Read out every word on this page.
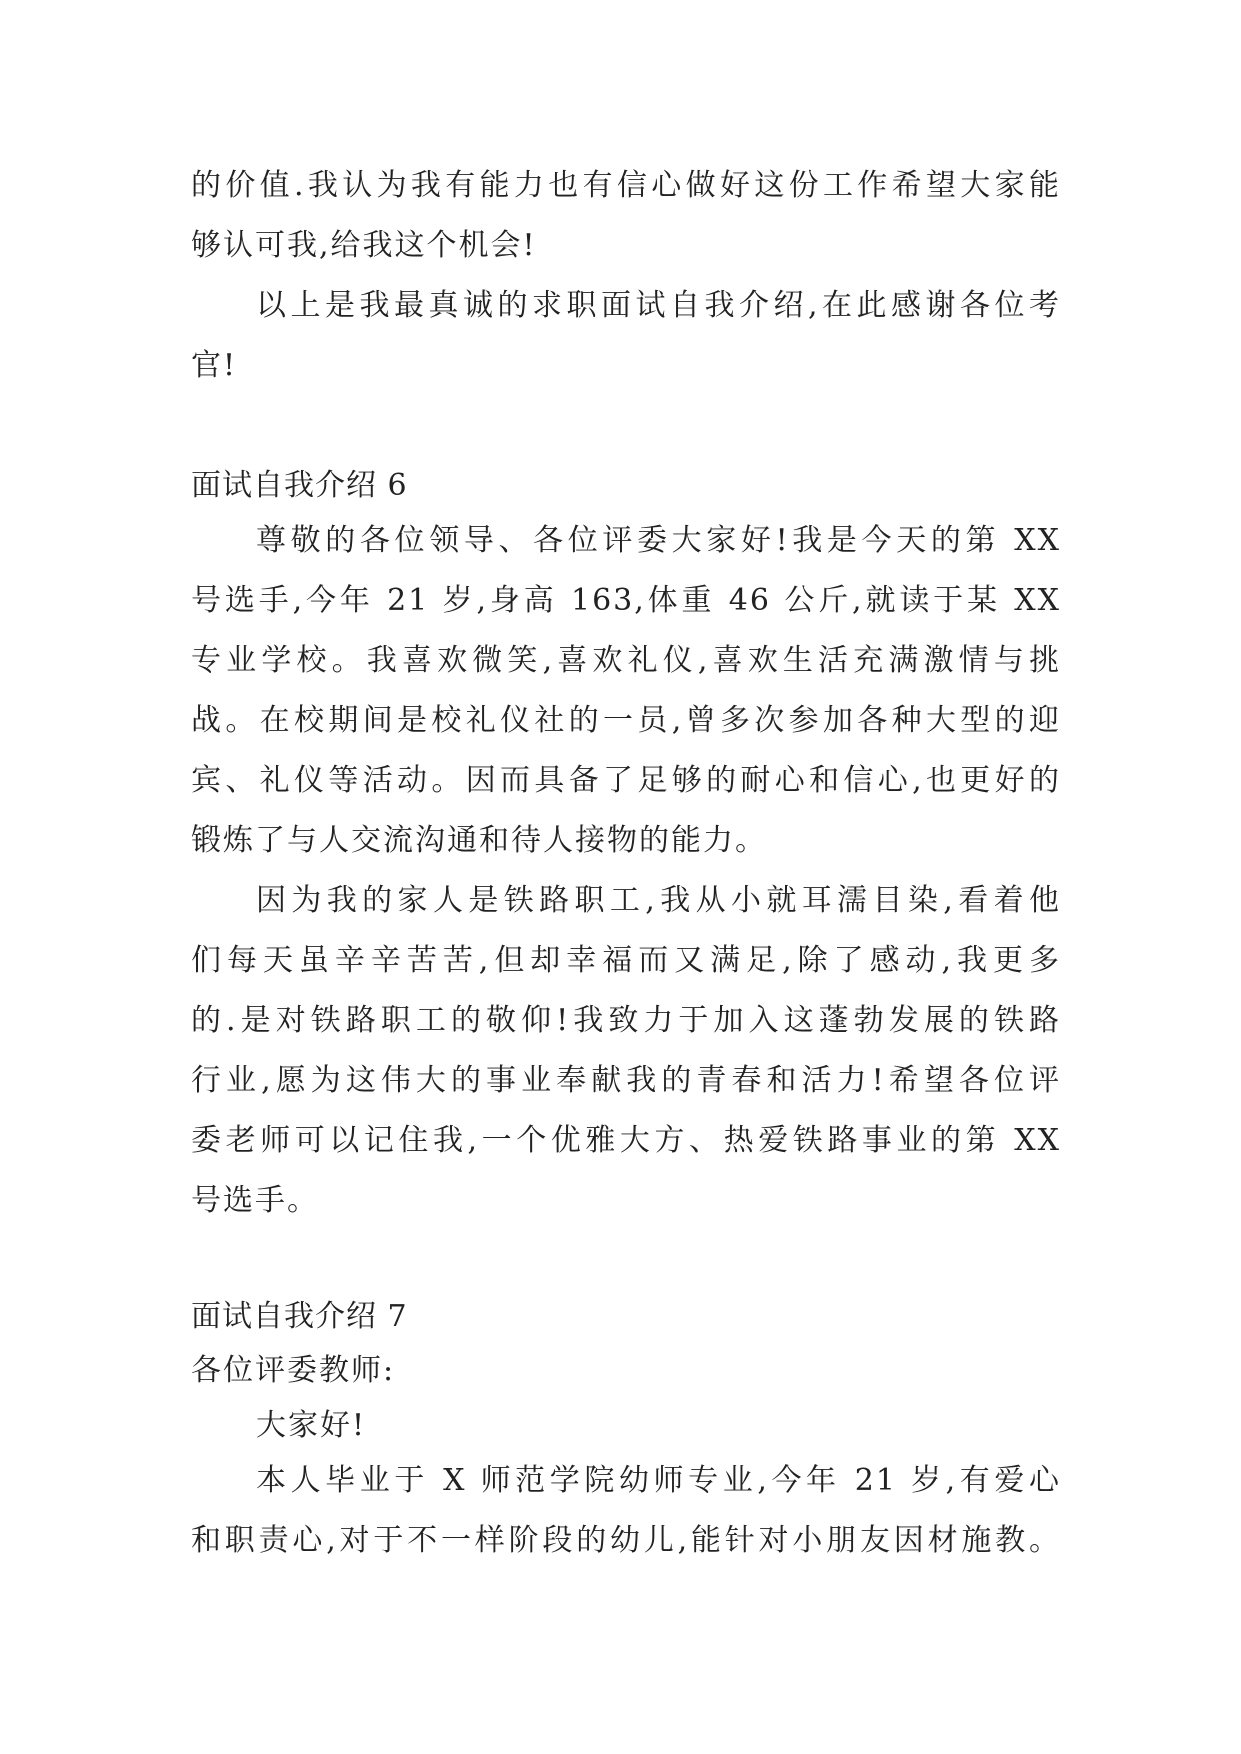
的价值.我认为我有能力也有信心做好这份工作希望大家能
够认可我,给我这个机会!
以上是我最真诚的求职面试自我介绍,在此感谢各位考
官!
面试自我介绍 6
尊敬的各位领导、各位评委大家好!我是今天的第 XX
号选手,今年 21 岁,身高 163,体重 46 公斤,就读于某 XX
专业学校。我喜欢微笑,喜欢礼仪,喜欢生活充满激情与挑
战。在校期间是校礼仪社的一员,曾多次参加各种大型的迎
宾、礼仪等活动。因而具备了足够的耐心和信心,也更好的
锻炼了与人交流沟通和待人接物的能力。
因为我的家人是铁路职工,我从小就耳濡目染,看着他
们每天虽辛辛苦苦,但却幸福而又满足,除了感动,我更多
的.是对铁路职工的敬仰!我致力于加入这蓬勃发展的铁路
行业,愿为这伟大的事业奉献我的青春和活力!希望各位评
委老师可以记住我,一个优雅大方、热爱铁路事业的第 XX
号选手。
面试自我介绍 7
各位评委教师:
大家好!
本人毕业于 X 师范学院幼师专业,今年 21 岁,有爱心
和职责心,对于不一样阶段的幼儿,能针对小朋友因材施教。
